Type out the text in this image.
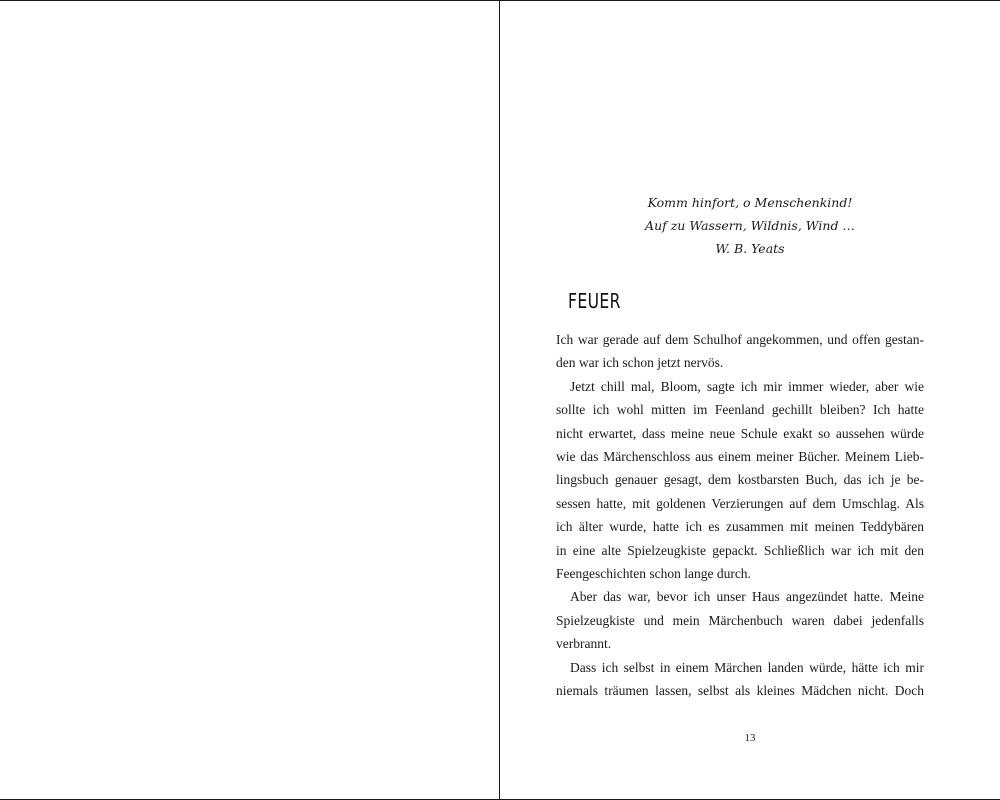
Komm hinfort, o Menschenkind!
Auf zu Wassern, Wildnis, Wind …
W. B. Yeats
FEUER
Ich war gerade auf dem Schulhof angekommen, und offen gestan-
den war ich schon jetzt nervös.
Jetzt chill mal, Bloom, sagte ich mir immer wieder, aber wie
sollte ich wohl mitten im Feenland gechillt bleiben? Ich hatte
nicht erwartet, dass meine neue Schule exakt so aussehen würde
wie das Märchenschloss aus einem meiner Bücher. Meinem Lieb-
lingsbuch genauer gesagt, dem kostbarsten Buch, das ich je be-
sessen hatte, mit goldenen Verzierungen auf dem Umschlag. Als
ich älter wurde, hatte ich es zusammen mit meinen Teddybären
in eine alte Spielzeugkiste gepackt. Schließlich war ich mit den
Feengeschichten schon lange durch.
Aber das war, bevor ich unser Haus angezündet hatte. Meine
Spielzeugkiste und mein Märchenbuch waren dabei jedenfalls
verbrannt.
Dass ich selbst in einem Märchen landen würde, hätte ich mir
niemals träumen lassen, selbst als kleines Mädchen nicht. Doch
13
